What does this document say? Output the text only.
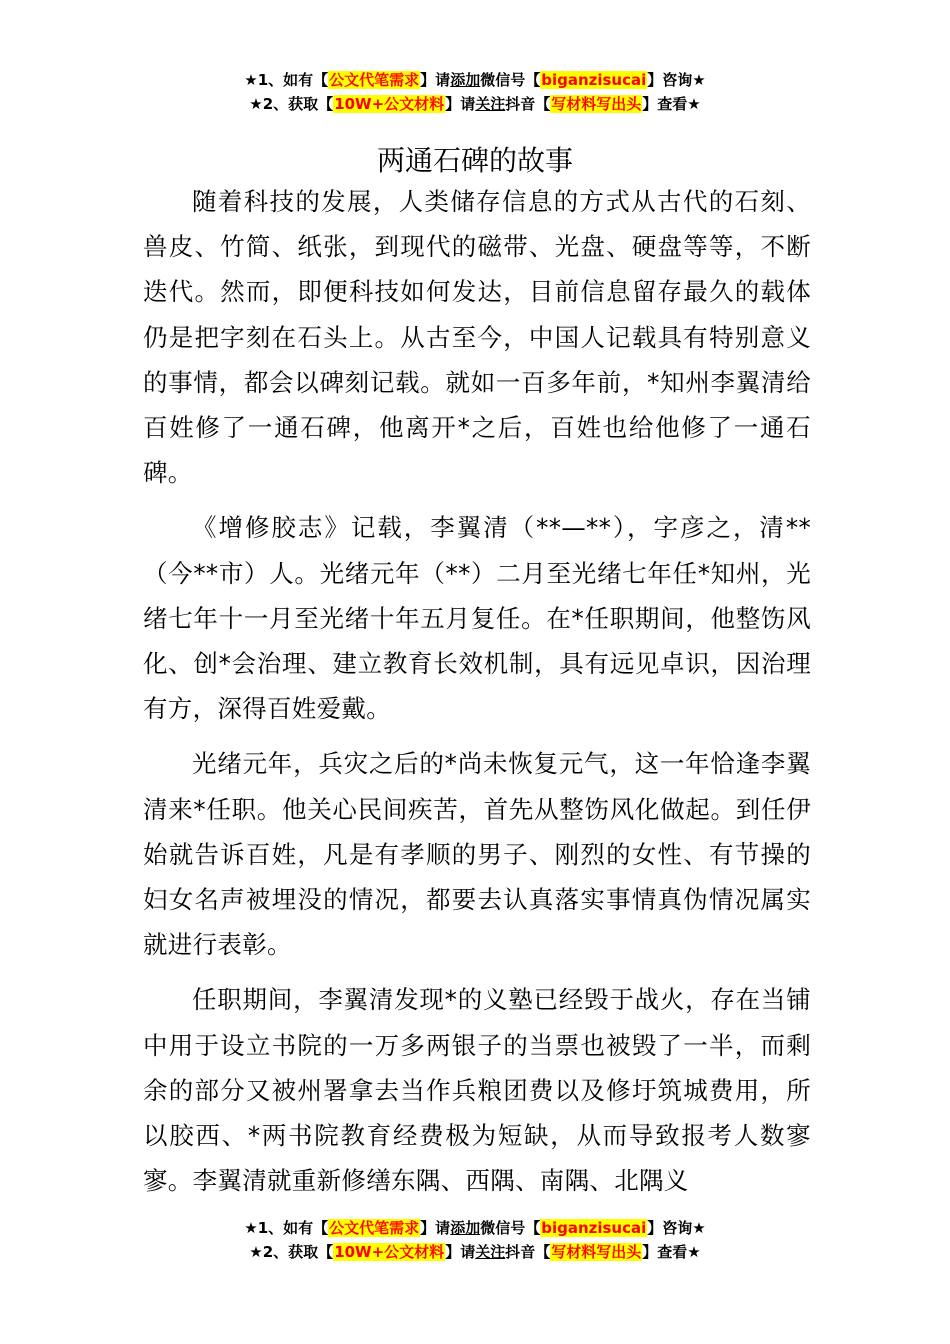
★1、如有【公文代笔需求】请添加微信号【biganzisucai】咨询★
★2、获取【10W+公文材料】请关注抖音【写材料写出头】查看★
两通石碑的故事

随着科技的发展，人类储存信息的方式从古代的石刻、兽皮、竹简、纸张，到现代的磁带、光盘、硬盘等等，不断迭代。然而，即便科技如何发达，目前信息留存最久的载体仍是把字刻在石头上。从古至今，中国人记载具有特别意义的事情，都会以碑刻记载。就如一百多年前，*知州李翼清给百姓修了一通石碑，他离开*之后，百姓也给他修了一通石碑。

《增修胶志》记载，李翼清（**—**），字彦之，清**（今**市）人。光绪元年（**）二月至光绪七年任*知州，光绪七年十一月至光绪十年五月复任。在*任职期间，他整饬风化、创*会治理、建立教育长效机制，具有远见卓识，因治理有方，深得百姓爱戴。

光绪元年，兵灾之后的*尚未恢复元气，这一年恰逢李翼清来*任职。他关心民间疾苦，首先从整饬风化做起。到任伊始就告诉百姓，凡是有孝顺的男子、刚烈的女性、有节操的妇女名声被埋没的情况，都要去认真落实事情真伪情况属实就进行表彰。

任职期间，李翼清发现*的义塾已经毁于战火，存在当铺中用于设立书院的一万多两银子的当票也被毁了一半，而剩余的部分又被州署拿去当作兵粮团费以及修圩筑城费用，所以胶西、*两书院教育经费极为短缺，从而导致报考人数寥寥。李翼清就重新修缮东隅、西隅、南隅、北隅义

★1、如有【公文代笔需求】请添加微信号【biganzisucai】咨询★
★2、获取【10W+公文材料】请关注抖音【写材料写出头】查看★
